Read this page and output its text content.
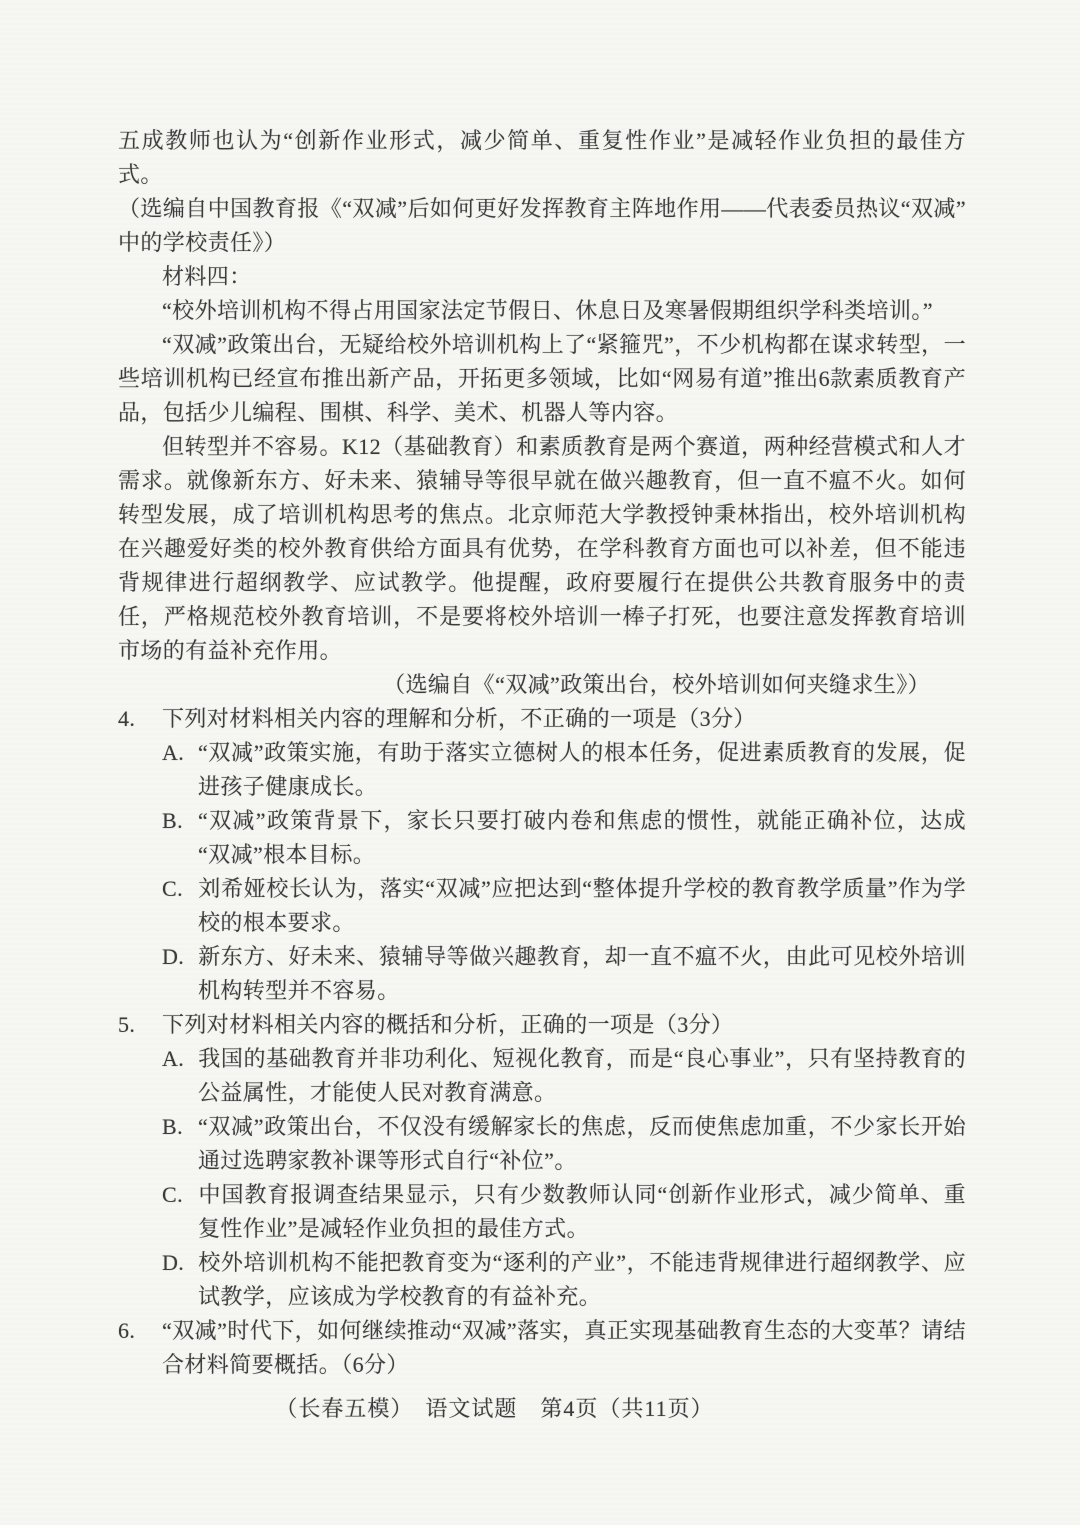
五成教师也认为“创新作业形式，减少简单、重复性作业”是减轻作业负担的最佳方式。

（选编自中国教育报《“双减”后如何更好发挥教育主阵地作用——代表委员热议“双减”中的学校责任》）

材料四：

“校外培训机构不得占用国家法定节假日、休息日及寒暑假期组织学科类培训。”

“双减”政策出台，无疑给校外培训机构上了“紧箍咒”，不少机构都在谋求转型，一些培训机构已经宣布推出新产品，开拓更多领域，比如“网易有道”推出6款素质教育产品，包括少儿编程、围棋、科学、美术、机器人等内容。

但转型并不容易。K12（基础教育）和素质教育是两个赛道，两种经营模式和人才需求。就像新东方、好未来、猿辅导等很早就在做兴趣教育，但一直不瘟不火。如何转型发展，成了培训机构思考的焦点。北京师范大学教授钟秉林指出，校外培训机构在兴趣爱好类的校外教育供给方面具有优势，在学科教育方面也可以补差，但不能违背规律进行超纲教学、应试教学。他提醒，政府要履行在提供公共教育服务中的责任，严格规范校外教育培训，不是要将校外培训一棒子打死，也要注意发挥教育培训市场的有益补充作用。

（选编自《“双减”政策出台，校外培训如何夹缝求生》）

4. 下列对材料相关内容的理解和分析，不正确的一项是（3分）

A. “双减”政策实施，有助于落实立德树人的根本任务，促进素质教育的发展，促进孩子健康成长。

B. “双减”政策背景下，家长只要打破内卷和焦虑的惯性，就能正确补位，达成“双减”根本目标。

C. 刘希娅校长认为，落实“双减”应把达到“整体提升学校的教育教学质量”作为学校的根本要求。

D. 新东方、好未来、猿辅导等做兴趣教育，却一直不瘟不火，由此可见校外培训机构转型并不容易。

5. 下列对材料相关内容的概括和分析，正确的一项是（3分）

A. 我国的基础教育并非功利化、短视化教育，而是“良心事业”，只有坚持教育的公益属性，才能使人民对教育满意。

B. “双减”政策出台，不仅没有缓解家长的焦虑，反而使焦虑加重，不少家长开始通过选聘家教补课等形式自行“补位”。

C. 中国教育报调查结果显示，只有少数教师认同“创新作业形式，减少简单、重复性作业”是减轻作业负担的最佳方式。

D. 校外培训机构不能把教育变为“逐利的产业”，不能违背规律进行超纲教学、应试教学，应该成为学校教育的有益补充。

6. “双减”时代下，如何继续推动“双减”落实，真正实现基础教育生态的大变革？请结合材料简要概括。（6分）

（长春五模）　语文试题　第4页（共11页）
